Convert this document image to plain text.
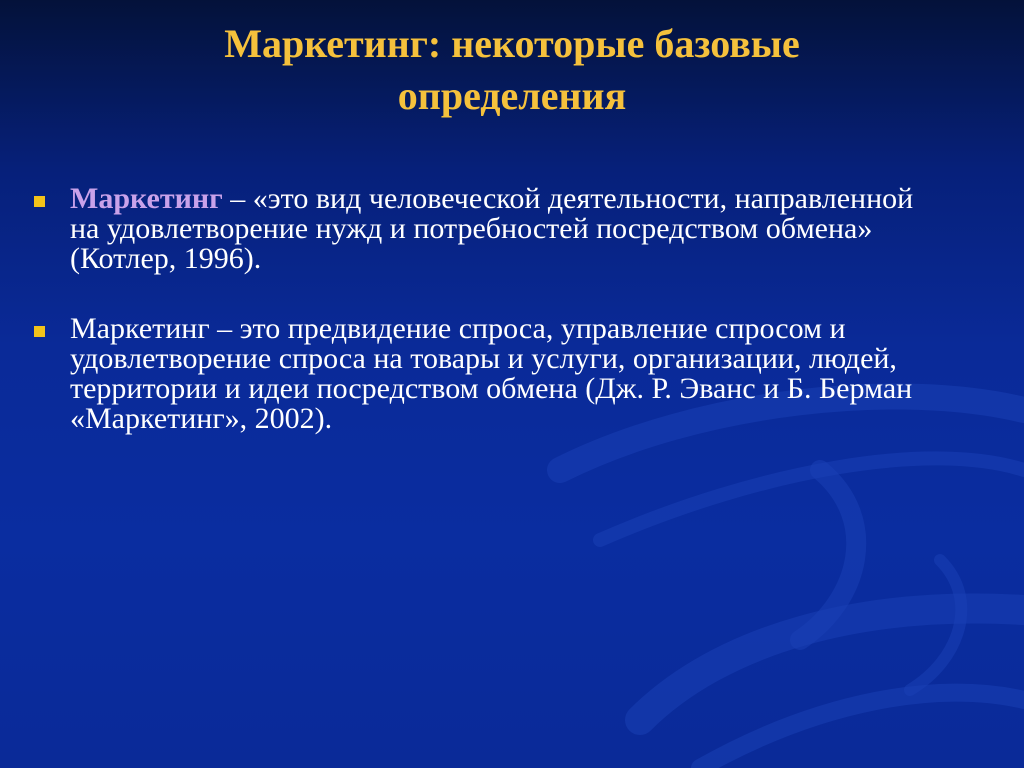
Маркетинг: некоторые базовые
определения
Маркетинг – «это вид человеческой деятельности, направленной
на удовлетворение нужд и потребностей посредством обмена»
(Котлер, 1996).
Маркетинг – это предвидение спроса, управление спросом и
удовлетворение спроса на товары и услуги, организации, людей,
территории и идеи посредством обмена (Дж. Р. Эванс и Б. Берман
«Маркетинг», 2002).
